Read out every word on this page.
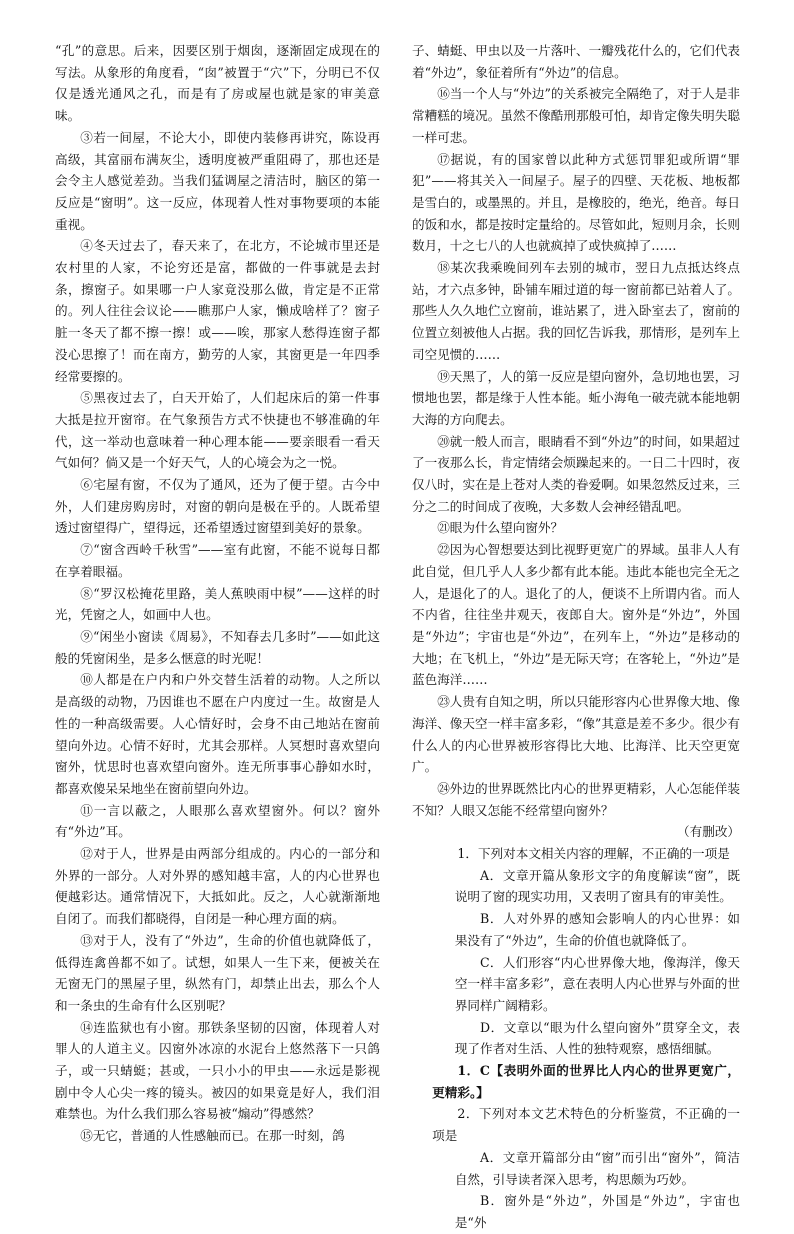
“孔”的意思。后来，因要区别于烟囱，逐渐固定成现在的写法。从象形的角度看，“囱”被置于“穴”下，分明已不仅仅是透光通风之孔，而是有了房或屋也就是家的审美意味。

③若一间屋，不论大小，即使内装修再讲究，陈设再高级，其富丽布满灰尘，透明度被严重阻碍了，那也还是会令主人感觉差劲。当我们猛调屋之清洁时，脑区的第一反应是“窗明”。这一反应，体现着人性对事物要项的本能重视。

④冬天过去了，春天来了，在北方，不论城市里还是农村里的人家，不论穷还是富，都做的一件事就是去封条，擦窗子。如果哪一户人家竟没那么做，肯定是不正常的。列人往往会议论——瞧那户人家，懒成啥样了？窗子脏一冬天了都不擦一擦！或——唉，那家人愁得连窗子都没心思擦了！而在南方，勤劳的人家，其窗更是一年四季经常要擦的。

⑤黑夜过去了，白天开始了，人们起床后的第一件事大抵是拉开窗帘。在气象预告方式不快捷也不够准确的年代，这一举动也意味着一种心理本能——要亲眼看一看天气如何？倘又是一个好天气，人的心境会为之一悦。

⑥宅屋有窗，不仅为了通风，还为了便于望。古今中外，人们建房购房时，对窗的朝向是极在乎的。人既希望透过窗望得广，望得远，还希望透过窗望到美好的景象。

⑦“窗含西岭千秋雪”——室有此窗，不能不说每日都在享着眼福。

⑧“罗汉松掩花里路，美人蕉映雨中棂”——这样的时光，凭窗之人，如画中人也。

⑨“闲坐小窗读《周易》，不知春去几多时”——如此这般的凭窗闲坐，是多么惬意的时光呢！

⑩人都是在户内和户外交替生活着的动物。人之所以是高级的动物，乃因谁也不愿在户内度过一生。故窗是人性的一种高级需要。人心情好时，会身不由己地站在窗前望向外边。心情不好时，尤其会那样。人冥想时喜欢望向窗外，忧思时也喜欢望向窗外。连无所事事心静如水时，都喜欢傻呆呆地坐在窗前望向外边。

⑪一言以蔽之，人眼那么喜欢望窗外。何以？窗外有“外边”耳。

⑫对于人，世界是由两部分组成的。内心的一部分和外界的一部分。人对外界的感知越丰富，人的内心世界也便越彩达。通常情况下，大抵如此。反之，人心就渐渐地自闭了。而我们都晓得，自闭是一种心理方面的病。

⑬对于人，没有了“外边”，生命的价值也就降低了，低得连禽兽都不如了。试想，如果人一生下来，便被关在无窗无门的黑屋子里，纵然有门，却禁止出去，那么个人和一条虫的生命有什么区别呢？

⑭连监狱也有小窗。那铁条坚韧的囚窗，体现着人对罪人的人道主义。囚窗外冰凉的水泥台上悠然落下一只鸽子，或一只蜻蜓；甚或，一只小小的甲虫——永远是影视剧中令人心尖一疼的镜头。被囚的如果竟是好人，我们泪难禁也。为什么我们那么容易被“煽动”得感然？

⑮无它，普通的人性感触而已。在那一时刻，鸽

子、蜻蜓、甲虫以及一片落叶、一瓣残花什么的，它们代表着“外边”，象征着所有“外边”的信息。

⑯当一个人与“外边”的关系被完全隔绝了，对于人是非常糟糕的境况。虽然不像酷刑那般可怕，却肯定像失明失聪一样可悲。

⑰据说，有的国家曾以此种方式惩罚罪犯或所谓“罪犯”——将其关入一间屋子。屋子的四壁、天花板、地板都是雪白的，或墨黑的。并且，是橡胶的，绝光，绝音。每日的饭和水，都是按时定量给的。尽管如此，短则月余，长则数月，十之七八的人也就疯掉了或快疯掉了……

⑱某次我乘晚间列车去别的城市，翌日九点抵达终点站，才六点多钟，卧铺车厢过道的每一窗前都已站着人了。那些人久久地伫立窗前，谁站累了，进入卧室去了，窗前的位置立刻被他人占据。我的回忆告诉我，那情形，是列车上司空见惯的……

⑲天黑了，人的第一反应是望向窗外，急切地也罢，习惯地也罢，都是缘于人性本能。蚯小海龟一破壳就本能地朝大海的方向爬去。

⑳就一般人而言，眼睛看不到“外边”的时间，如果超过了一夜那么长，肯定情绪会烦躁起来的。一日二十四时，夜仅八时，实在是上苍对人类的眷爱啊。如果忽然反过来，三分之二的时间成了夜晚，大多数人会神经错乱吧。

㉑眼为什么望向窗外？

㉒因为心智想要达到比视野更宽广的界域。虽非人人有此自觉，但几乎人人多少都有此本能。违此本能也完全无之人，是退化了的人。退化了的人，便谈不上所谓内省。而人不内省，往往坐井观天，夜郎自大。窗外是“外边”，外国是“外边”；宇宙也是“外边”，在列车上，“外边”是移动的大地；在飞机上，“外边”是无际天穹；在客轮上，“外边”是蓝色海洋……

㉓人贵有自知之明，所以只能形容内心世界像大地、像海洋、像天空一样丰富多彩，“像”其意是差不多少。很少有什么人的内心世界被形容得比大地、比海洋、比天空更宽广。

㉔外边的世界既然比内心的世界更精彩，人心怎能佯装不知？人眼又怎能不经常望向窗外？

（有删改）

1．下列对本文相关内容的理解，不正确的一项是

A．文章开篇从象形文字的角度解读“窗”，既说明了窗的现实功用，又表明了窗具有的审美性。

B．人对外界的感知会影响人的内心世界：如果没有了“外边”，生命的价值也就降低了。

C．人们形容“内心世界像大地，像海洋，像天空一样丰富多彩”，意在表明人内心世界与外面的世界同样广阔精彩。

D．文章以“眼为什么望向窗外”贯穿全文，表现了作者对生活、人性的独特观察，感悟细腻。

1．C【表明外面的世界比人内心的世界更宽广，更精彩。】

2．下列对本文艺术特色的分析鉴赏，不正确的一项是

A．文章开篇部分由“窗”而引出“窗外”，简洁自然，引导读者深入思考，构思颇为巧妙。

B．窗外是“外边”，外国是“外边”，宇宙也是“外
